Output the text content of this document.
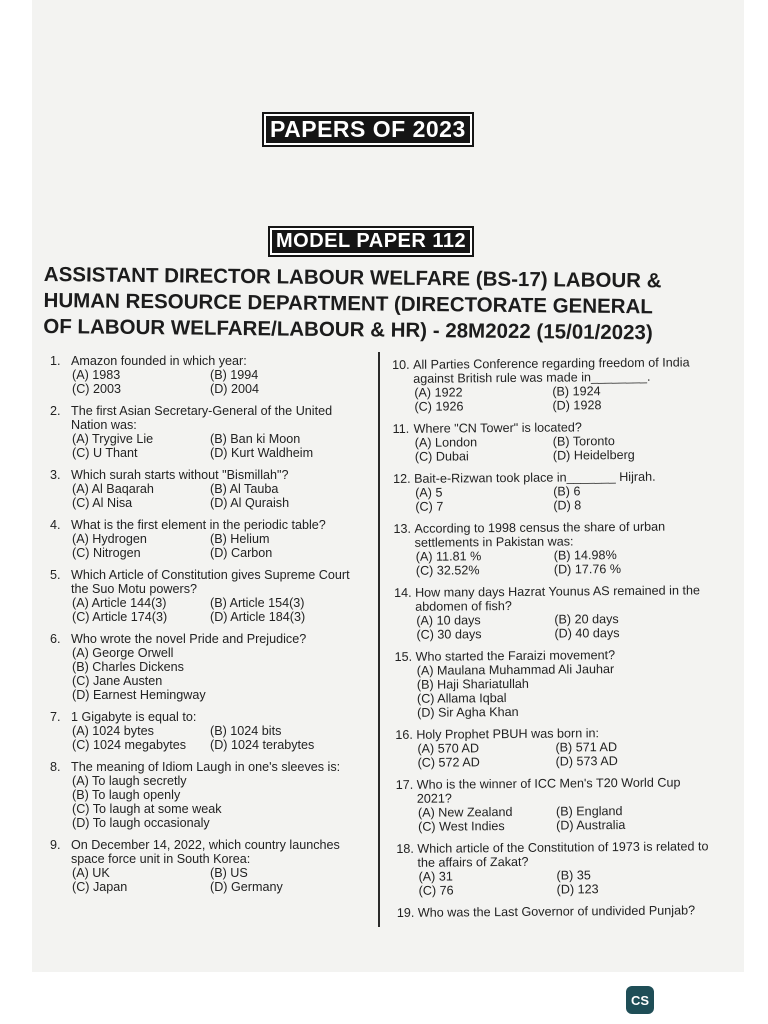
PAPERS OF 2023
MODEL PAPER 112
ASSISTANT DIRECTOR LABOUR WELFARE (BS-17) LABOUR &
HUMAN RESOURCE DEPARTMENT (DIRECTORATE GENERAL
OF LABOUR WELFARE/LABOUR & HR) - 28M2022 (15/01/2023)
1. Amazon founded in which year:
(A) 1983	(B) 1994
(C) 2003	(D) 2004
2. The first Asian Secretary-General of the United Nation was:
(A) Trygive Lie	(B) Ban ki Moon
(C) U Thant	(D) Kurt Waldheim
3. Which surah starts without "Bismillah"?
(A) Al Baqarah	(B) Al Tauba
(C) Al Nisa	(D) Al Quraish
4. What is the first element in the periodic table?
(A) Hydrogen	(B) Helium
(C) Nitrogen	(D) Carbon
5. Which Article of Constitution gives Supreme Court the Suo Motu powers?
(A) Article 144(3)	(B) Article 154(3)
(C) Article 174(3)	(D) Article 184(3)
6. Who wrote the novel Pride and Prejudice?
(A) George Orwell
(B) Charles Dickens
(C) Jane Austen
(D) Earnest Hemingway
7. 1 Gigabyte is equal to:
(A) 1024 bytes	(B) 1024 bits
(C) 1024 megabytes	(D) 1024 terabytes
8. The meaning of Idiom Laugh in one's sleeves is:
(A) To laugh secretly
(B) To laugh openly
(C) To laugh at some weak
(D) To laugh occasionaly
9. On December 14, 2022, which country launches space force unit in South Korea:
(A) UK	(B) US
(C) Japan	(D) Germany
10. All Parties Conference regarding freedom of India against British rule was made in________.
(A) 1922	(B) 1924
(C) 1926	(D) 1928
11. Where "CN Tower" is located?
(A) London	(B) Toronto
(C) Dubai	(D) Heidelberg
12. Bait-e-Rizwan took place in_______ Hijrah.
(A) 5	(B) 6
(C) 7	(D) 8
13. According to 1998 census the share of urban settlements in Pakistan was:
(A) 11.81 %	(B) 14.98%
(C) 32.52%	(D) 17.76 %
14. How many days Hazrat Younus AS remained in the abdomen of fish?
(A) 10 days	(B) 20 days
(C) 30 days	(D) 40 days
15. Who started the Faraizi movement?
(A) Maulana Muhammad Ali Jauhar
(B) Haji Shariatullah
(C) Allama Iqbal
(D) Sir Agha Khan
16. Holy Prophet PBUH was born in:
(A) 570 AD	(B) 571 AD
(C) 572 AD	(D) 573 AD
17. Who is the winner of ICC Men's T20 World Cup 2021?
(A) New Zealand	(B) England
(C) West Indies	(D) Australia
18. Which article of the Constitution of 1973 is related to the affairs of Zakat?
(A) 31	(B) 35
(C) 76	(D) 123
19. Who was the Last Governor of undivided Punjab?
CS
